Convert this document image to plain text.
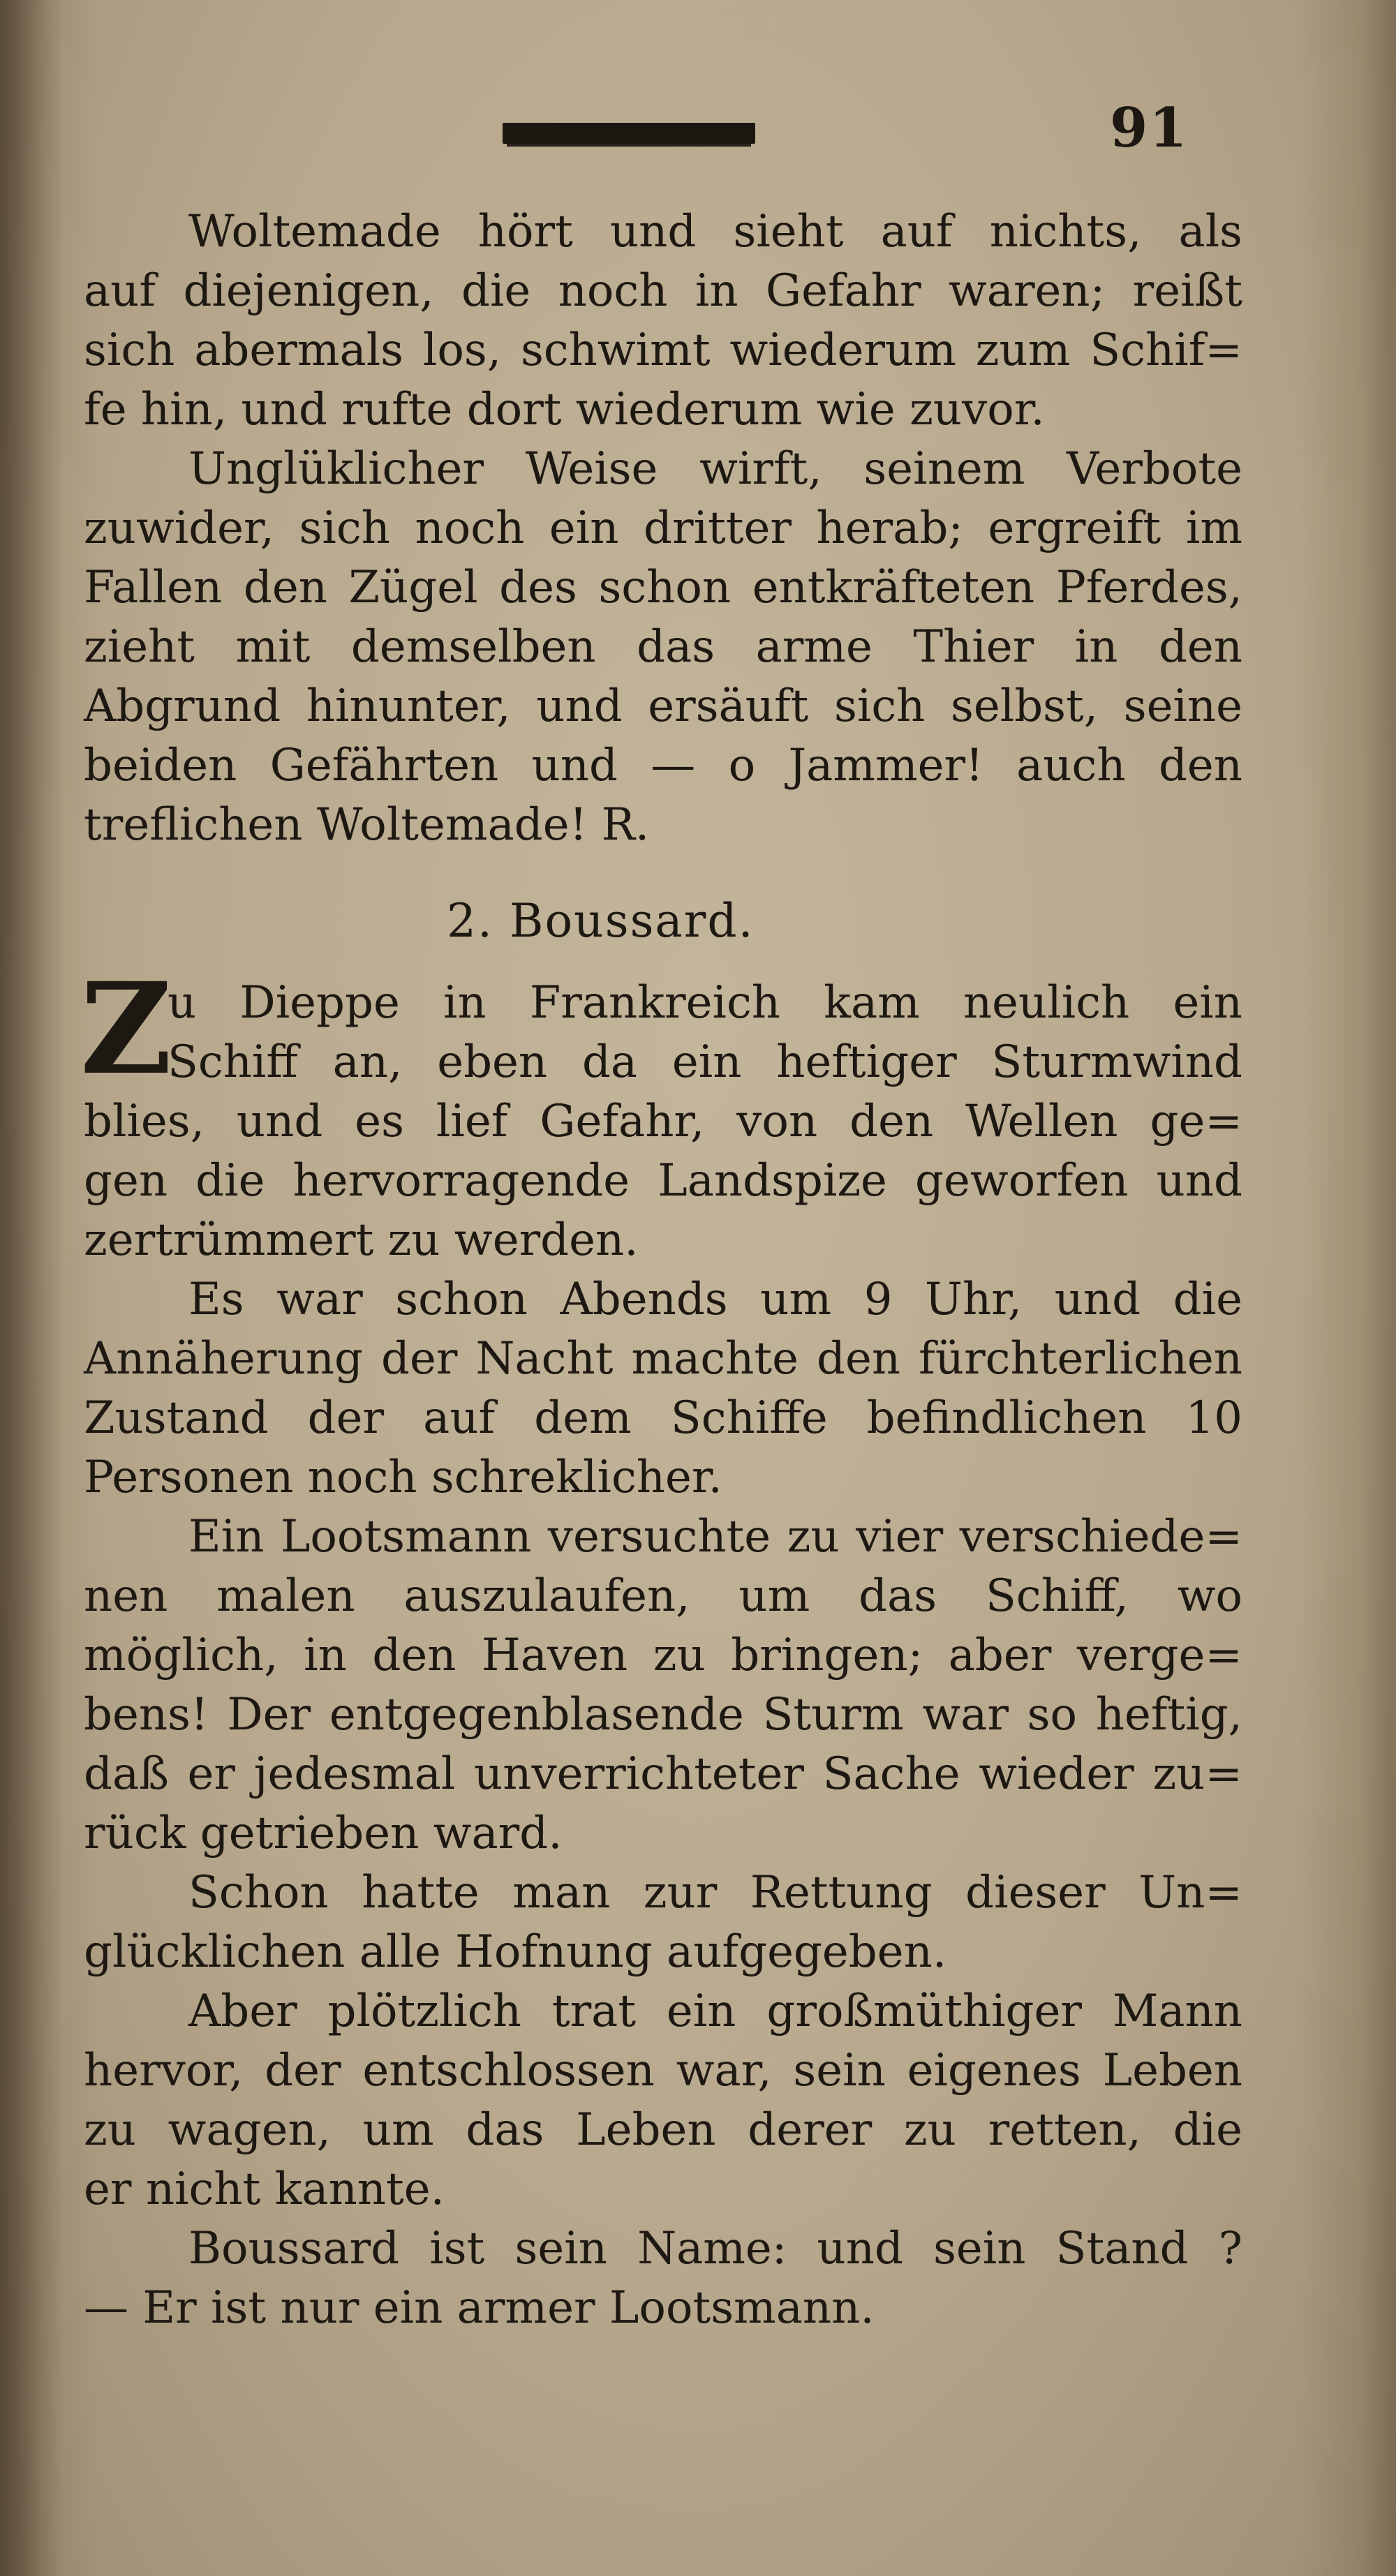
91
Woltemade hört und sieht auf nichts, als
auf diejenigen, die noch in Gefahr waren; reißt
sich abermals los, schwimt wiederum zum Schif=
fe hin, und rufte dort wiederum wie zuvor.
Unglüklicher Weise wirft, seinem Verbote
zuwider, sich noch ein dritter herab; ergreift im
Fallen den Zügel des schon entkräfteten Pferdes,
zieht mit demselben das arme Thier in den
Abgrund hinunter, und ersäuft sich selbst, seine
beiden Gefährten und — o Jammer! auch den
treflichen Woltemade! R.
2. Boussard.
Z
u Dieppe in Frankreich kam neulich ein
Schiff an, eben da ein heftiger Sturmwind
blies, und es lief Gefahr, von den Wellen ge=
gen die hervorragende Landspize geworfen und
zertrümmert zu werden.
Es war schon Abends um 9 Uhr, und die
Annäherung der Nacht machte den fürchterlichen
Zustand der auf dem Schiffe befindlichen 10
Personen noch schreklicher.
Ein Lootsmann versuchte zu vier verschiede=
nen malen auszulaufen, um das Schiff, wo
möglich, in den Haven zu bringen; aber verge=
bens! Der entgegenblasende Sturm war so heftig,
daß er jedesmal unverrichteter Sache wieder zu=
rück getrieben ward.
Schon hatte man zur Rettung dieser Un=
glücklichen alle Hofnung aufgegeben.
Aber plötzlich trat ein großmüthiger Mann
hervor, der entschlossen war, sein eigenes Leben
zu wagen, um das Leben derer zu retten, die
er nicht kannte.
Boussard ist sein Name: und sein Stand ?
— Er ist nur ein armer Lootsmann.
